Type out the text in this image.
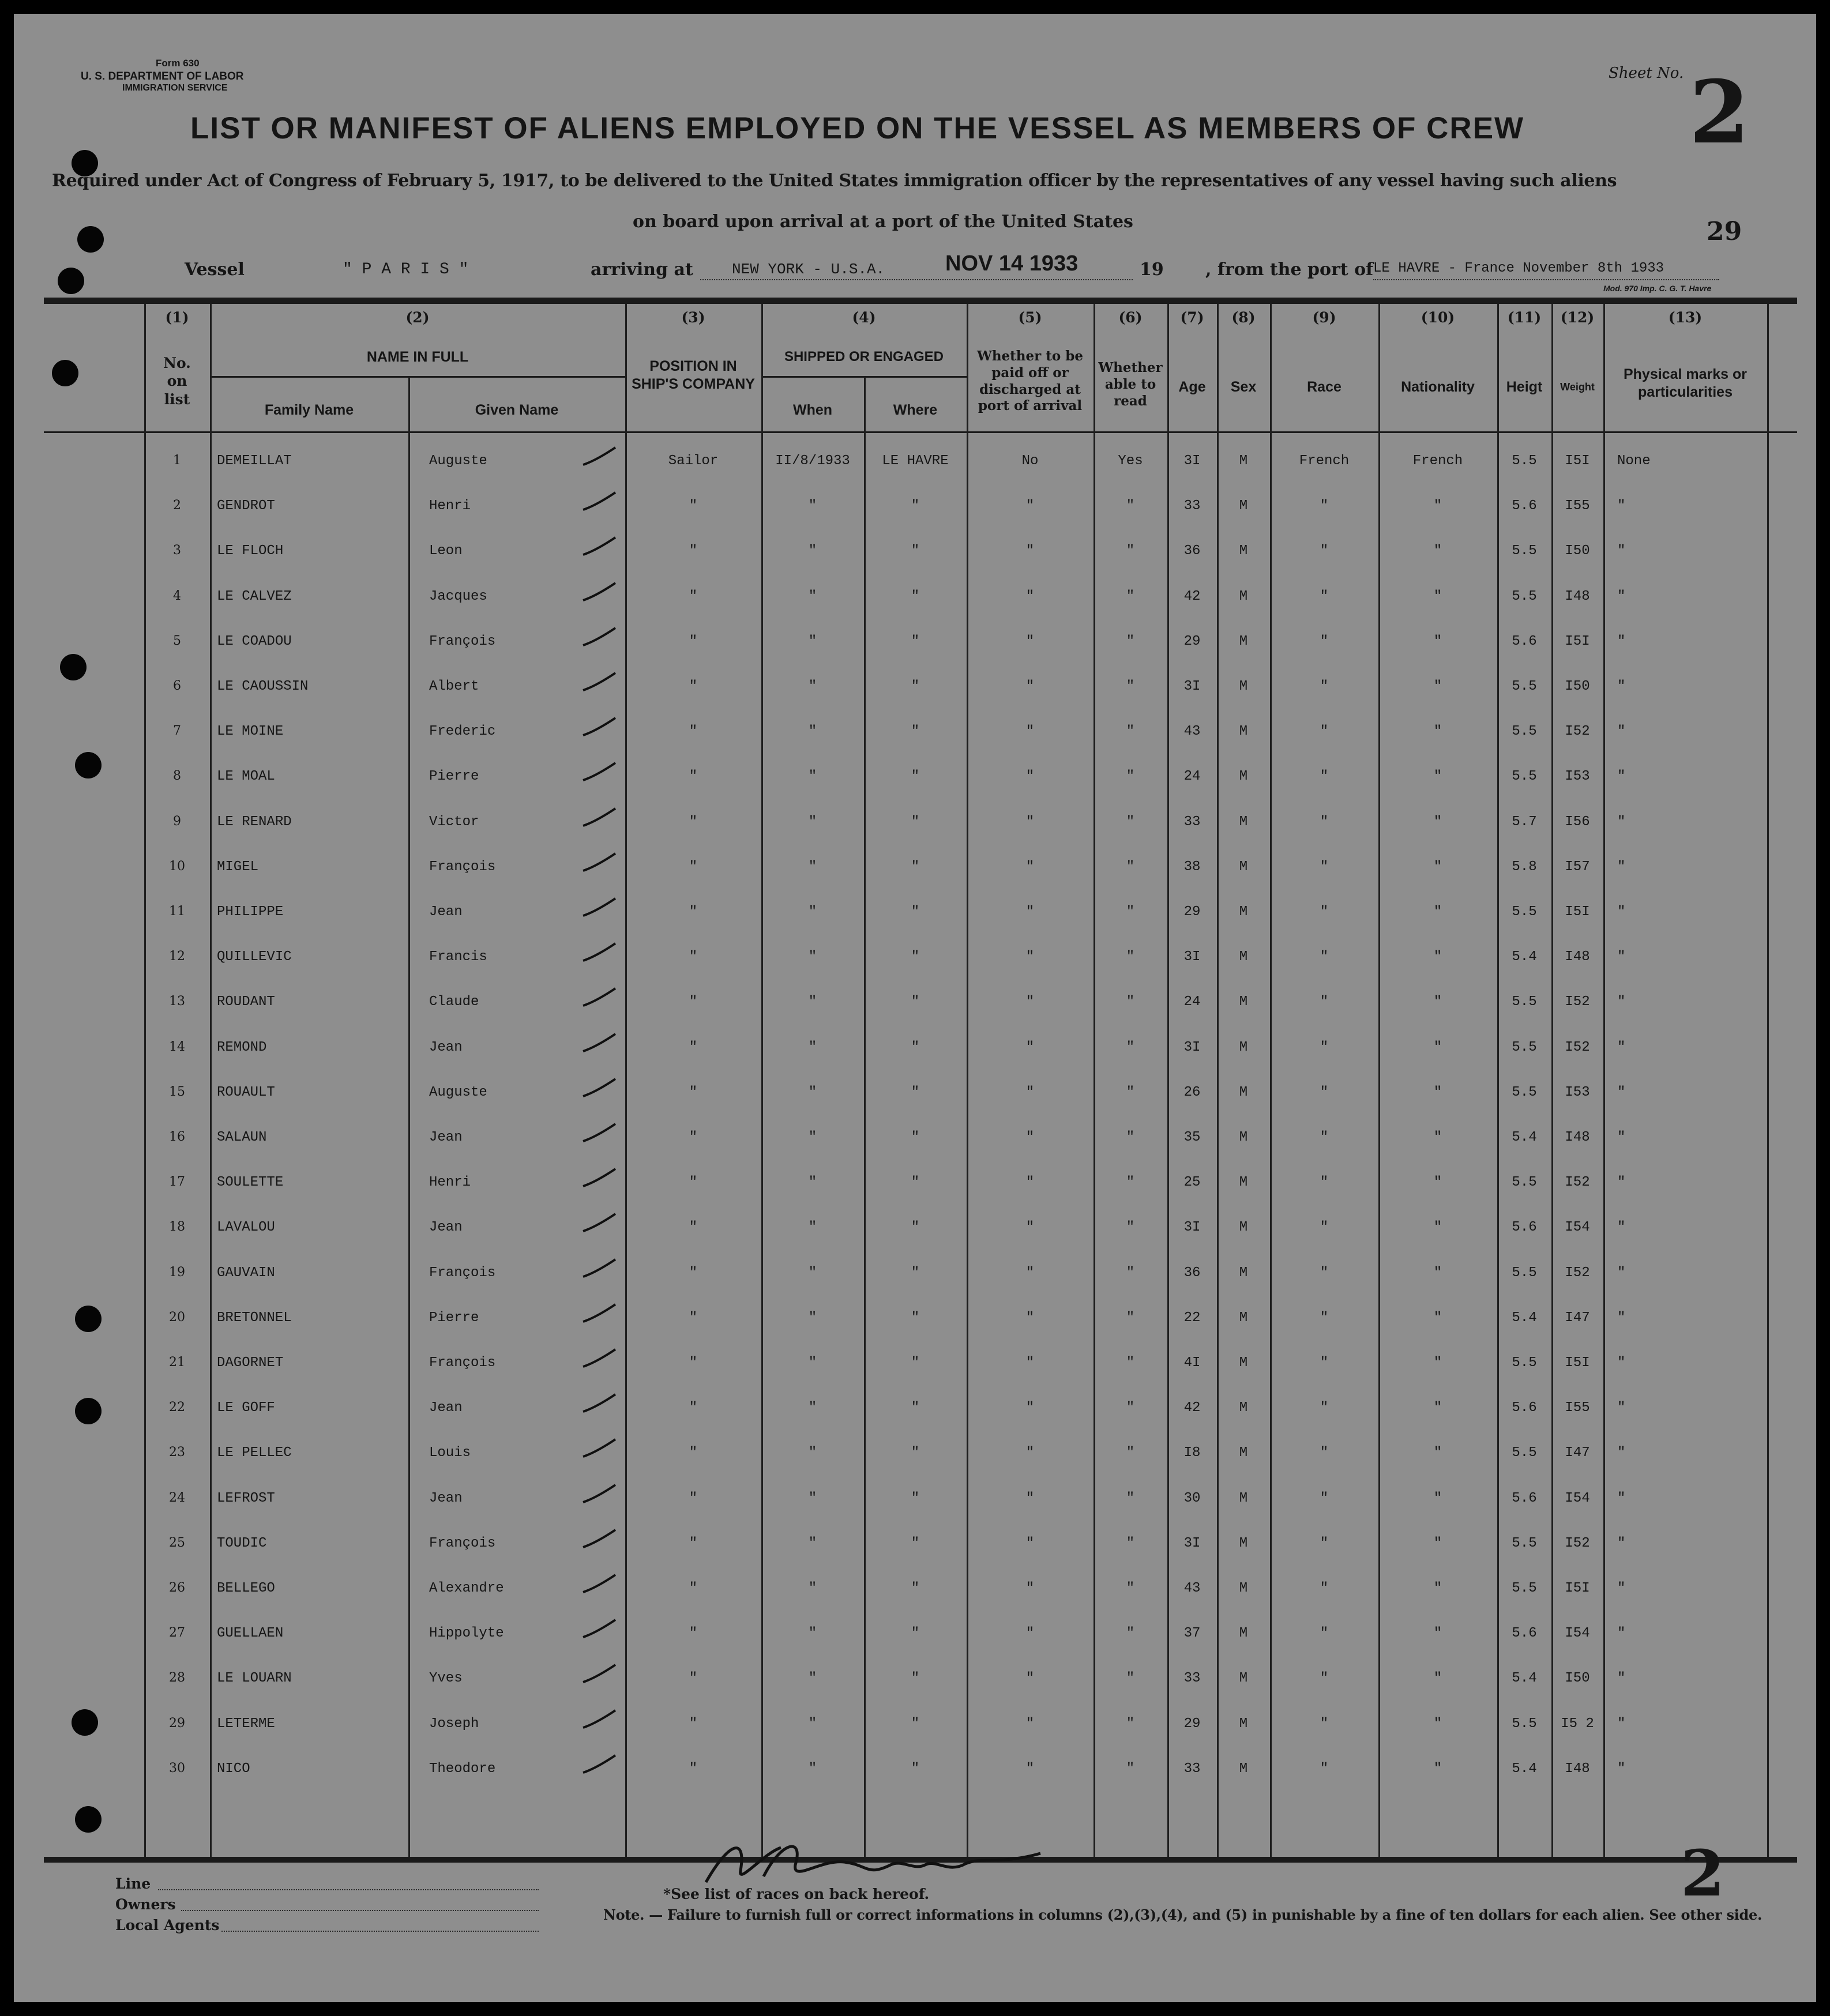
Form 630
U. S. DEPARTMENT OF LABOR
IMMIGRATION SERVICE
Sheet No. 2
29
LIST OR MANIFEST OF ALIENS EMPLOYED ON THE VESSEL AS MEMBERS OF CREW
Required under Act of Congress of February 5, 1917, to be delivered to the United States immigration officer by the representatives of any vessel having such aliens
on board upon arrival at a port of the United States
Vessel	" P A R I S "	arriving at	NEW YORK - U.S.A.	NOV 14 1933	19 , from the port of LE HAVRE - France November 8th 1933
Mod. 970 Imp. C. G. T. Havre
(1)	(2)	(3)	(4)	(5)	(6)	(7)	(8)	(9)	(10)	(11)	(12)	(13)
No. on list
NAME IN FULL
Family Name	Given Name
POSITION IN SHIP'S COMPANY
SHIPPED OR ENGAGED
When	Where
Whether to be paid off or discharged at port of arrival
Whether able to read
Age	Sex	Race	Nationality	Heigt	Weight
Physical marks or particularities
1	DEMEILLAT	Auguste	Sailor	II/8/1933	LE HAVRE	No	Yes	3I	M	French	French	5.5	I5I	None
2	GENDROT	Henri	"	"	"	"	"	33	M	"	"	5.6	I55	"
3	LE FLOCH	Leon	"	"	"	"	"	36	M	"	"	5.5	I50	"
4	LE CALVEZ	Jacques	"	"	"	"	"	42	M	"	"	5.5	I48	"
5	LE COADOU	François	"	"	"	"	"	29	M	"	"	5.6	I5I	"
6	LE CAOUSSIN	Albert	"	"	"	"	"	3I	M	"	"	5.5	I50	"
7	LE MOINE	Frederic	"	"	"	"	"	43	M	"	"	5.5	I52	"
8	LE MOAL	Pierre	"	"	"	"	"	24	M	"	"	5.5	I53	"
9	LE RENARD	Victor	"	"	"	"	"	33	M	"	"	5.7	I56	"
10	MIGEL	François	"	"	"	"	"	38	M	"	"	5.8	I57	"
11	PHILIPPE	Jean	"	"	"	"	"	29	M	"	"	5.5	I5I	"
12	QUILLEVIC	Francis	"	"	"	"	"	3I	M	"	"	5.4	I48	"
13	ROUDANT	Claude	"	"	"	"	"	24	M	"	"	5.5	I52	"
14	REMOND	Jean	"	"	"	"	"	3I	M	"	"	5.5	I52	"
15	ROUAULT	Auguste	"	"	"	"	"	26	M	"	"	5.5	I53	"
16	SALAUN	Jean	"	"	"	"	"	35	M	"	"	5.4	I48	"
17	SOULETTE	Henri	"	"	"	"	"	25	M	"	"	5.5	I52	"
18	LAVALOU	Jean	"	"	"	"	"	3I	M	"	"	5.6	I54	"
19	GAUVAIN	François	"	"	"	"	"	36	M	"	"	5.5	I52	"
20	BRETONNEL	Pierre	"	"	"	"	"	22	M	"	"	5.4	I47	"
21	DAGORNET	François	"	"	"	"	"	4I	M	"	"	5.5	I5I	"
22	LE GOFF	Jean	"	"	"	"	"	42	M	"	"	5.6	I55	"
23	LE PELLEC	Louis	"	"	"	"	"	I8	M	"	"	5.5	I47	"
24	LEFROST	Jean	"	"	"	"	"	30	M	"	"	5.6	I54	"
25	TOUDIC	François	"	"	"	"	"	3I	M	"	"	5.5	I52	"
26	BELLEGO	Alexandre	"	"	"	"	"	43	M	"	"	5.5	I5I	"
27	GUELLAEN	Hippolyte	"	"	"	"	"	37	M	"	"	5.6	I54	"
28	LE LOUARN	Yves	"	"	"	"	"	33	M	"	"	5.4	I50	"
29	LETERME	Joseph	"	"	"	"	"	29	M	"	"	5.5	I5 2	"
30	NICO	Theodore	"	"	"	"	"	33	M	"	"	5.4	I48	"
Line
Owners
Local Agents
*See list of races on back hereof.
Note. — Failure to furnish full or correct informations in columns (2),(3),(4), and (5) in punishable by a fine of ten dollars for each alien. See other side.
2
